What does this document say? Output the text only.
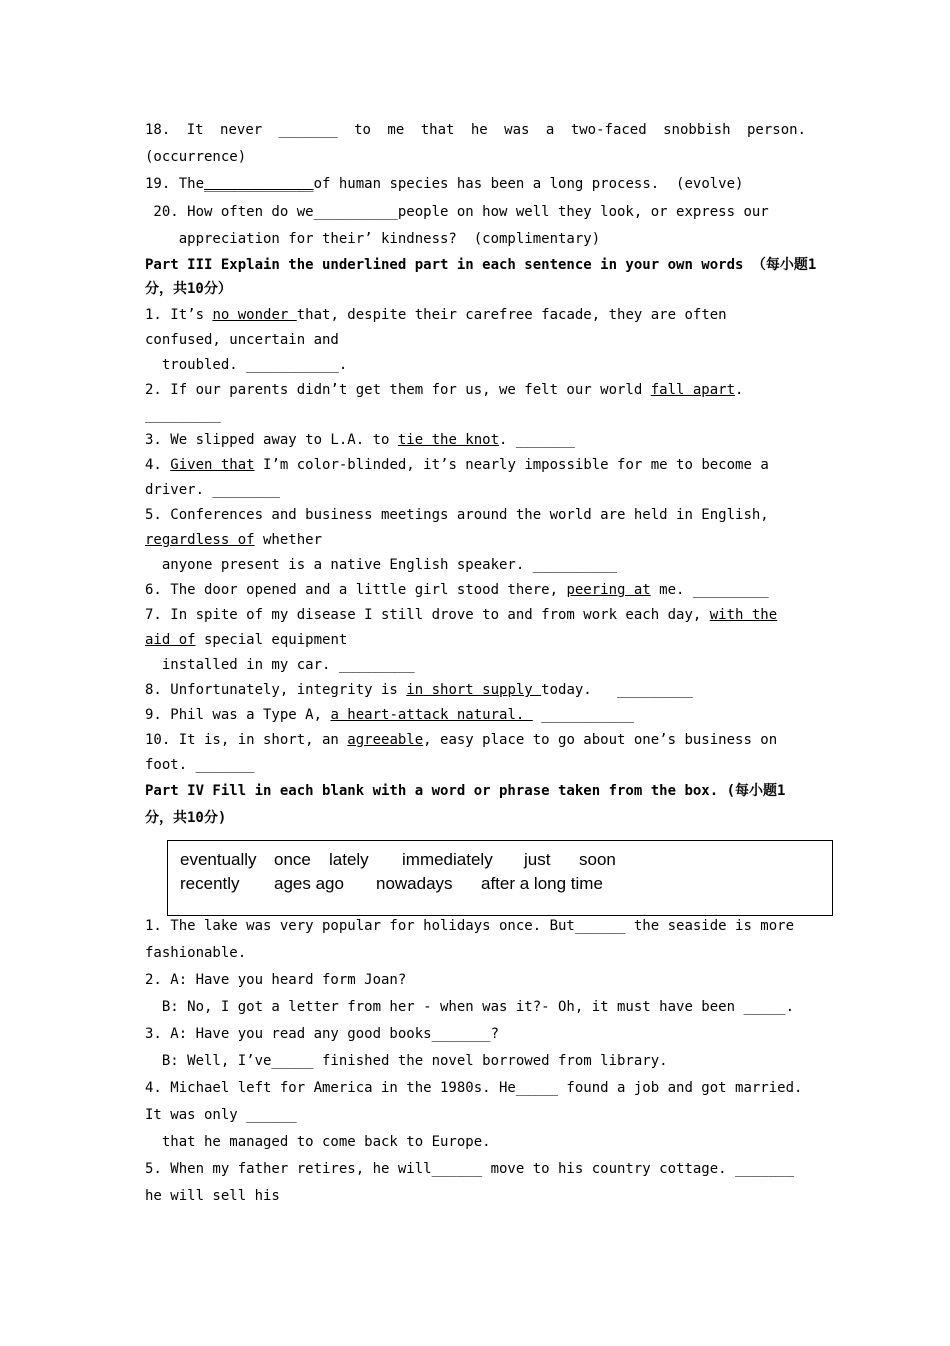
18. It never _______ to me that he was a two-faced snobbish person.
(occurrence)
19. The_____________of human species has been a long process.  (evolve)
20. How often do we__________people on how well they look, or express our
appreciation for their’ kindness?  (complimentary)
Part III Explain the underlined part in each sentence in your own words （每小题1
分，共10分）
1. It’s no wonder that, despite their carefree facade, they are often
confused, uncertain and
troubled. ___________.
2. If our parents didn’t get them for us, we felt our world fall apart.
_________
3. We slipped away to L.A. to tie the knot. _______
4. Given that I’m color-blinded, it’s nearly impossible for me to become a
driver. ________
5. Conferences and business meetings around the world are held in English,
regardless of whether
anyone present is a native English speaker. __________
6. The door opened and a little girl stood there, peering at me. _________
7. In spite of my disease I still drove to and from work each day, with the
aid of special equipment
installed in my car. _________
8. Unfortunately, integrity is in short supply today.   _________
9. Phil was a Type A, a heart-attack natural.  ___________
10. It is, in short, an agreeable, easy place to go about one’s business on
foot. _______
Part IV Fill in each blank with a word or phrase taken from the box. (每小题1
分，共10分)
eventually once lately immediately just soon
recently ages ago nowadays after a long time
1. The lake was very popular for holidays once. But______ the seaside is more
fashionable.
2. A: Have you heard form Joan?
B: No, I got a letter from her - when was it?- Oh, it must have been _____.
3. A: Have you read any good books_______?
B: Well, I’ve_____ finished the novel borrowed from library.
4. Michael left for America in the 1980s. He_____ found a job and got married.
It was only ______
that he managed to come back to Europe.
5. When my father retires, he will______ move to his country cottage. _______
he will sell his
